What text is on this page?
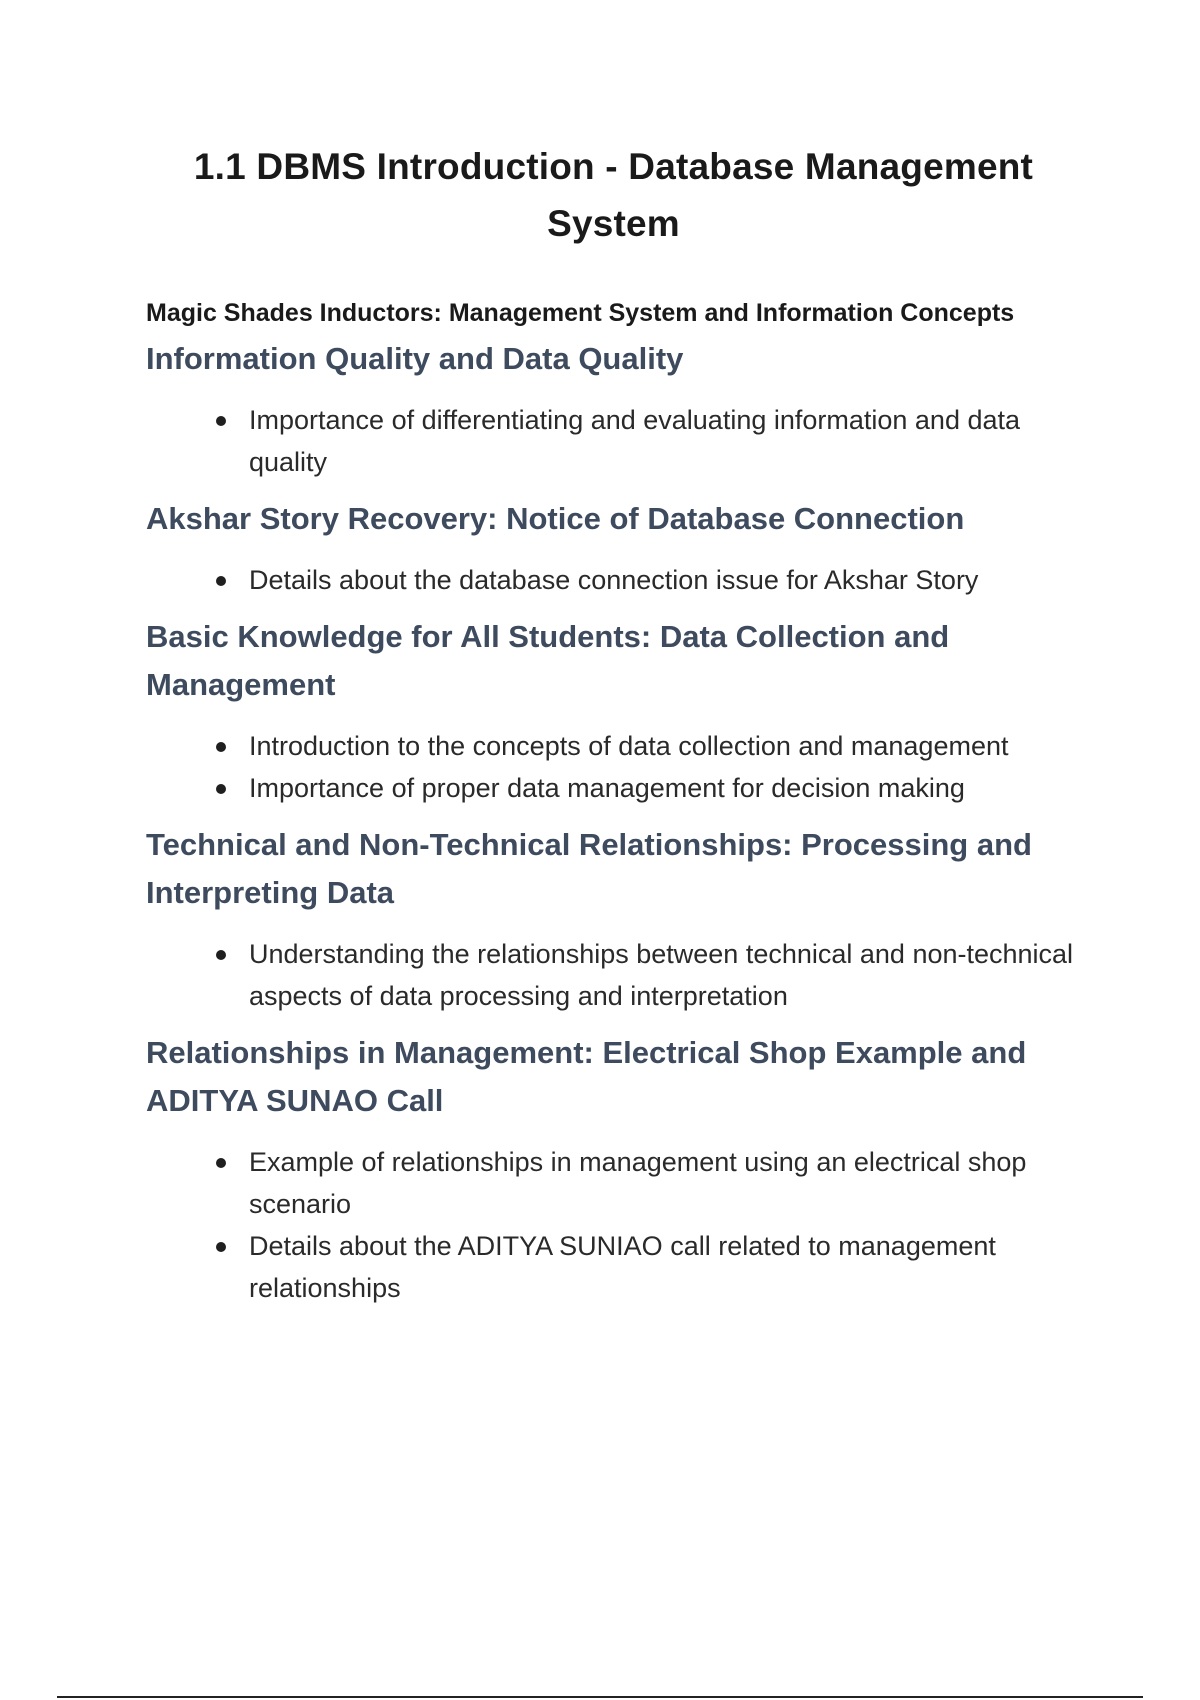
1.1 DBMS Introduction - Database Management System
Magic Shades Inductors: Management System and Information Concepts
Information Quality and Data Quality
Importance of differentiating and evaluating information and data quality
Akshar Story Recovery: Notice of Database Connection
Details about the database connection issue for Akshar Story
Basic Knowledge for All Students: Data Collection and Management
Introduction to the concepts of data collection and management
Importance of proper data management for decision making
Technical and Non-Technical Relationships: Processing and Interpreting Data
Understanding the relationships between technical and non-technical aspects of data processing and interpretation
Relationships in Management: Electrical Shop Example and ADITYA SUNAO Call
Example of relationships in management using an electrical shop scenario
Details about the ADITYA SUNIAO call related to management relationships
